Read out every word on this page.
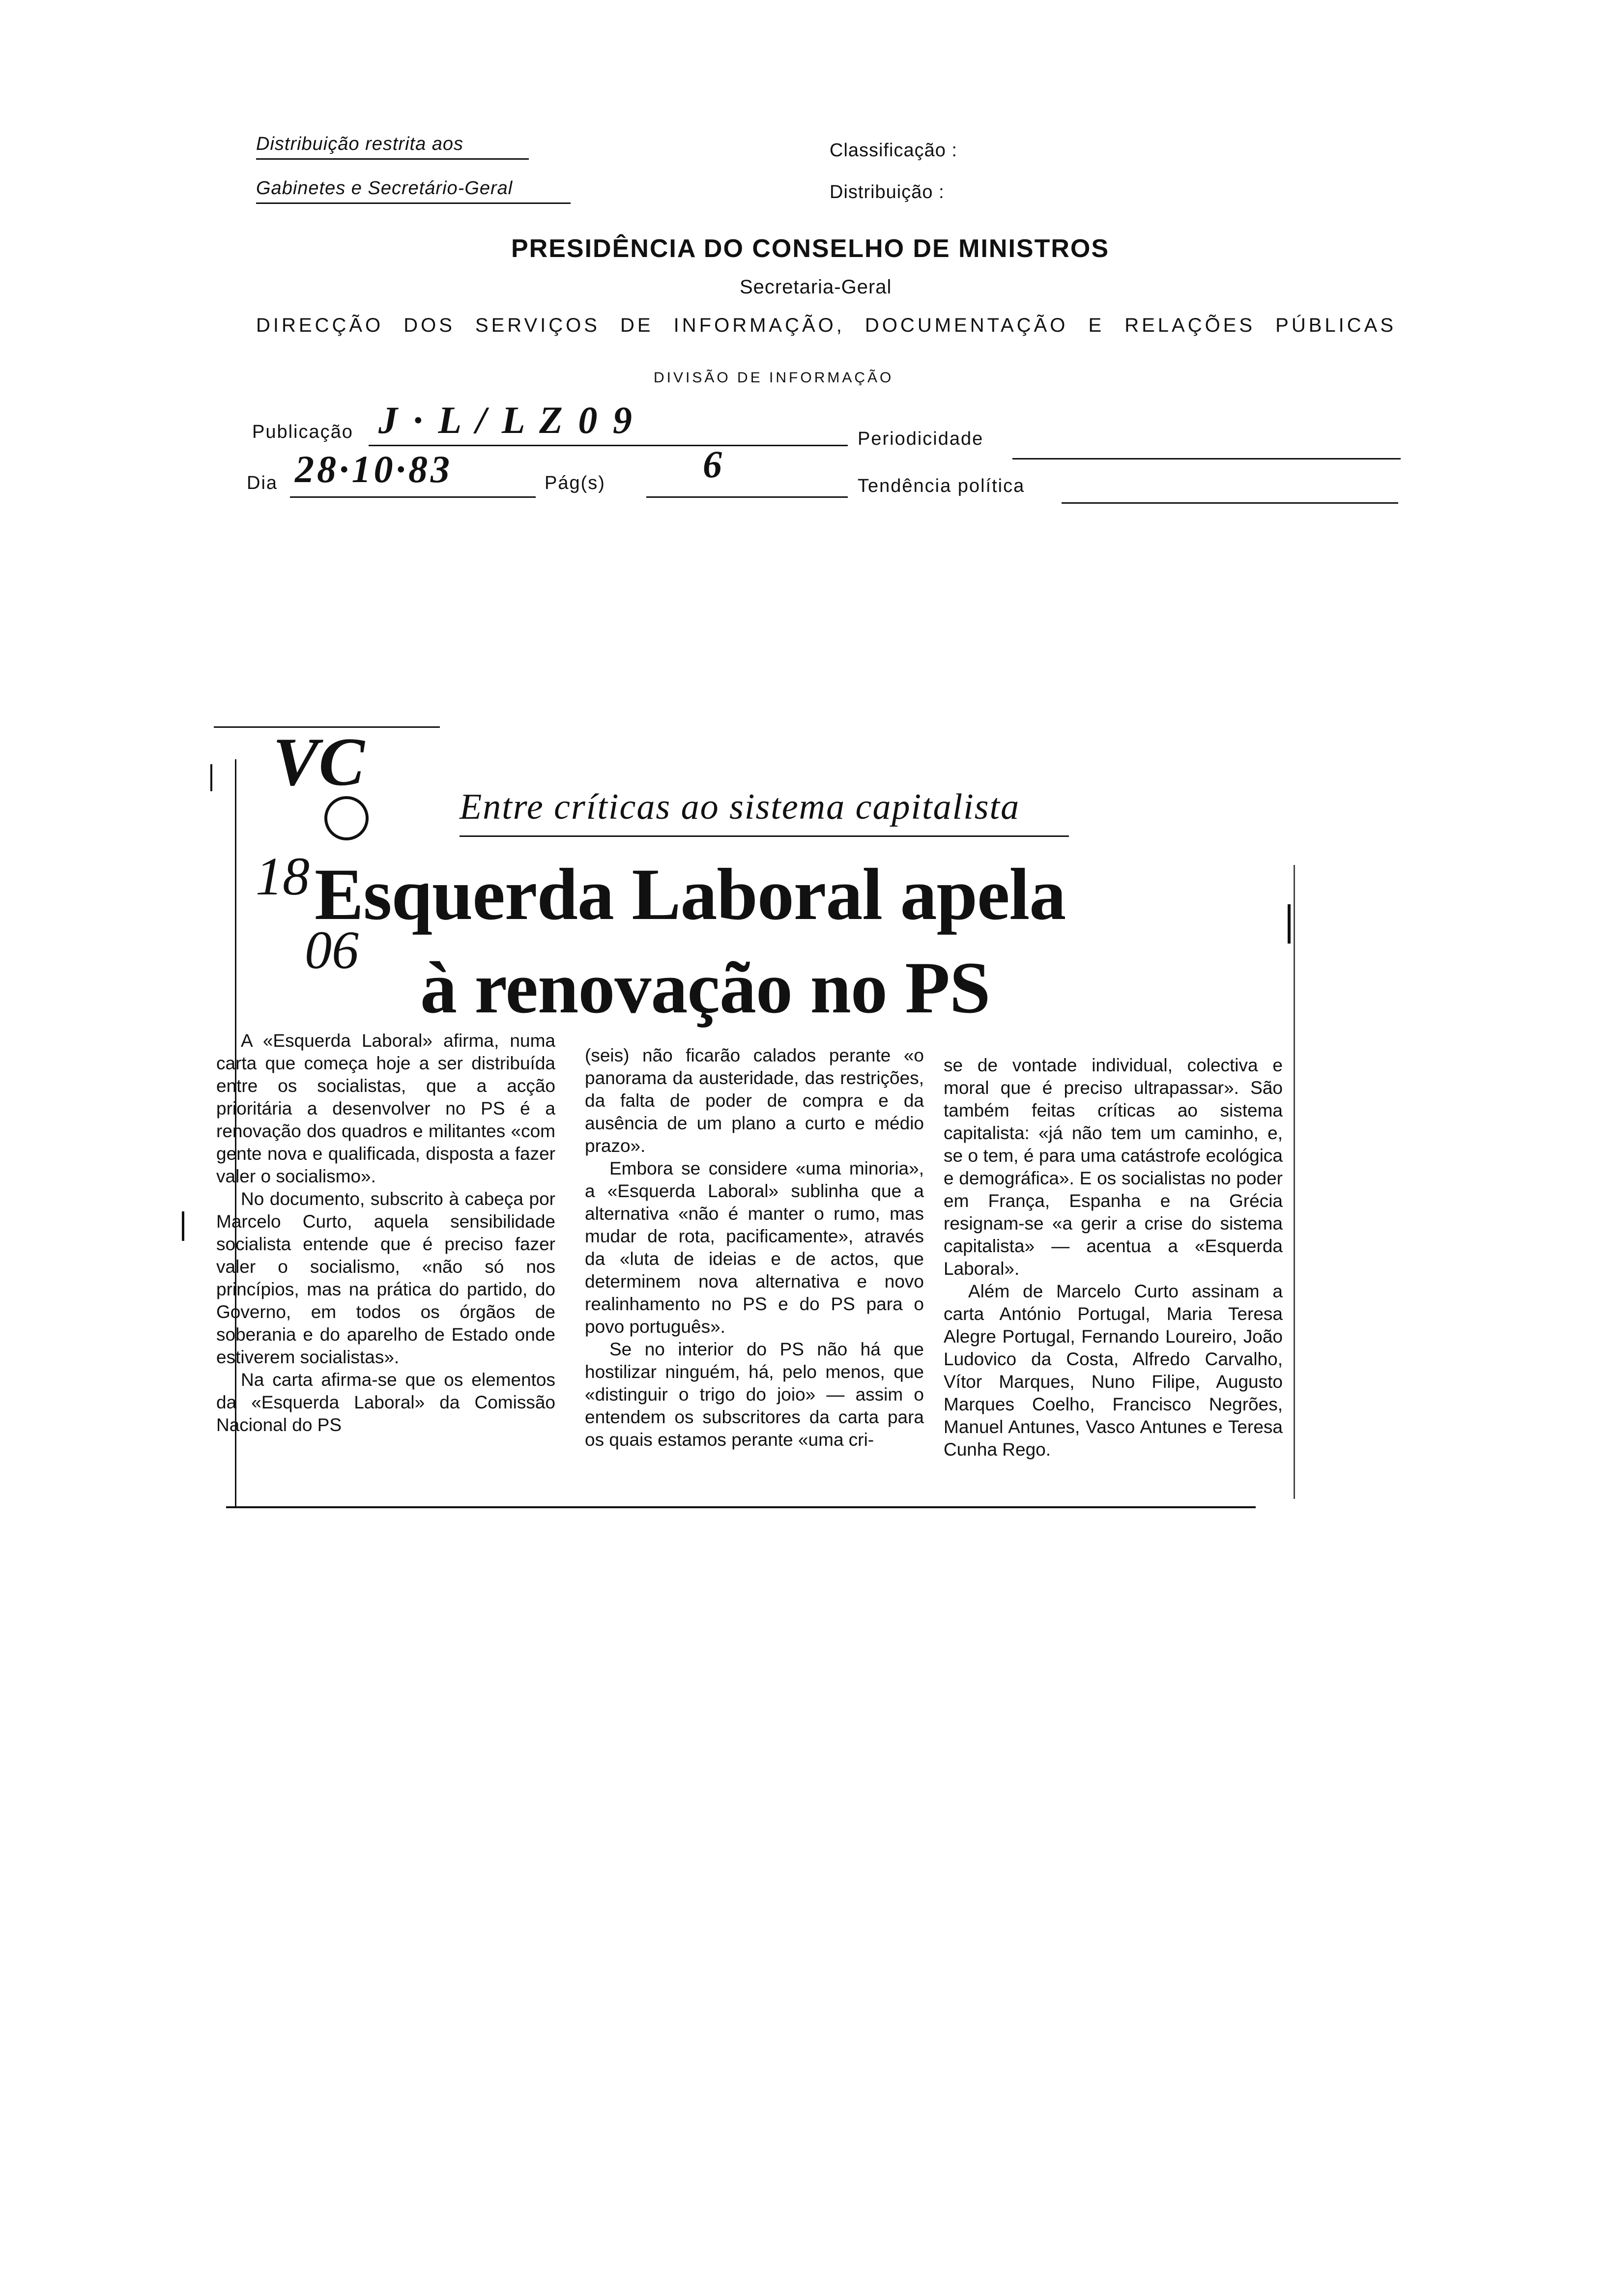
Distribuição restrita aos
Gabinetes e Secretário-Geral
Classificação :
Distribuição :
PRESIDÊNCIA DO CONSELHO DE MINISTROS
Secretaria-Geral
DIRECÇÃO DOS SERVIÇOS DE INFORMAÇÃO, DOCUMENTAÇÃO E RELAÇÕES PÚBLICAS
DIVISÃO DE INFORMAÇÃO
Publicação J · L / L Z 0 9	Periodicidade
Dia 28·10·83	Pág(s)	6
Tendência política
VC
18
06
Entre críticas ao sistema capitalista
Esquerda Laboral apela
à renovação no PS

A «Esquerda Laboral» afirma, numa carta que começa hoje a ser distribuída entre os socialistas, que a acção prioritária a desenvolver no PS é a renovação dos quadros e militantes «com gente nova e qualificada, disposta a fazer valer o socialismo».

No documento, subscrito à cabeça por Marcelo Curto, aquela sensibilidade socialista entende que é preciso fazer valer o socialismo, «não só nos princípios, mas na prática do partido, do Governo, em todos os órgãos de soberania e do aparelho de Estado onde estiverem socialistas».

Na carta afirma-se que os elementos da «Esquerda Laboral» da Comissão Nacional do PS

(seis) não ficarão calados perante «o panorama da austeridade, das restrições, da falta de poder de compra e da ausência de um plano a curto e médio prazo».

Embora se considere «uma minoria», a «Esquerda Laboral» sublinha que a alternativa «não é manter o rumo, mas mudar de rota, pacificamente», através da «luta de ideias e de actos, que determinem nova alternativa e novo realinhamento no PS e do PS para o povo português».

Se no interior do PS não há que hostilizar ninguém, há, pelo menos, que «distinguir o trigo do joio» — assim o entendem os subscritores da carta para os quais estamos perante «uma cri-

se de vontade individual, colectiva e moral que é preciso ultrapassar». São também feitas críticas ao sistema capitalista: «já não tem um caminho, e, se o tem, é para uma catástrofe ecológica e demográfica». E os socialistas no poder em França, Espanha e na Grécia resignam-se «a gerir a crise do sistema capitalista» — acentua a «Esquerda Laboral».

Além de Marcelo Curto assinam a carta António Portugal, Maria Teresa Alegre Portugal, Fernando Loureiro, João Ludovico da Costa, Alfredo Carvalho, Vítor Marques, Nuno Filipe, Augusto Marques Coelho, Francisco Negrões, Manuel Antunes, Vasco Antunes e Teresa Cunha Rego.
